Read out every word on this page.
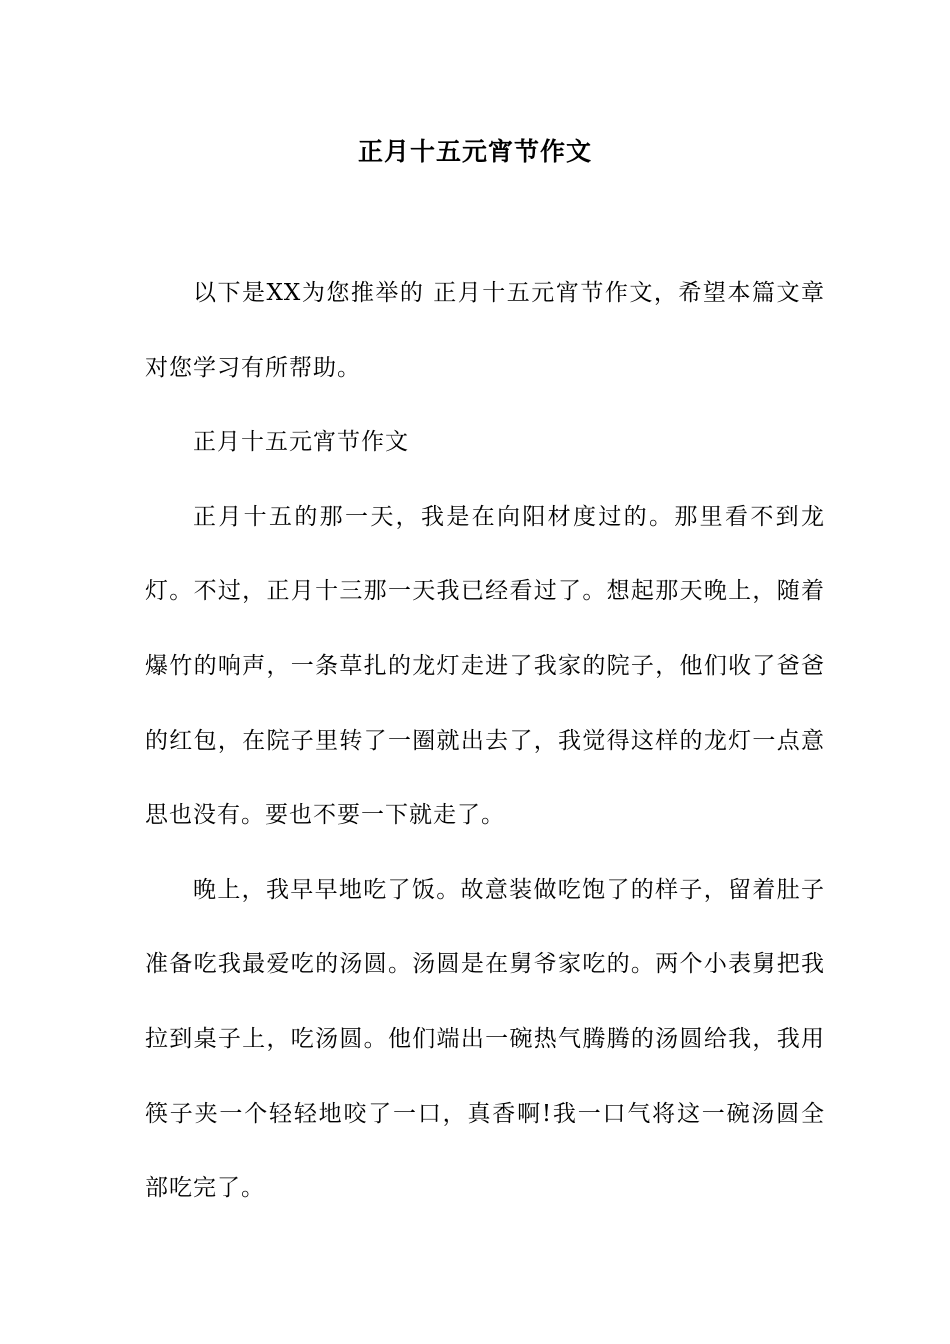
正月十五元宵节作文

以下是XX为您推举的 正月十五元宵节作文，希望本篇文章对您学习有所帮助。

正月十五元宵节作文

正月十五的那一天，我是在向阳材度过的。那里看不到龙灯。不过，正月十三那一天我已经看过了。想起那天晚上，随着爆竹的响声，一条草扎的龙灯走进了我家的院子，他们收了爸爸的红包，在院子里转了一圈就出去了，我觉得这样的龙灯一点意思也没有。要也不要一下就走了。

晚上，我早早地吃了饭。故意装做吃饱了的样子，留着肚子准备吃我最爱吃的汤圆。汤圆是在舅爷家吃的。两个小表舅把我拉到桌子上，吃汤圆。他们端出一碗热气腾腾的汤圆给我，我用筷子夹一个轻轻地咬了一口，真香啊!我一口气将这一碗汤圆全部吃完了。
